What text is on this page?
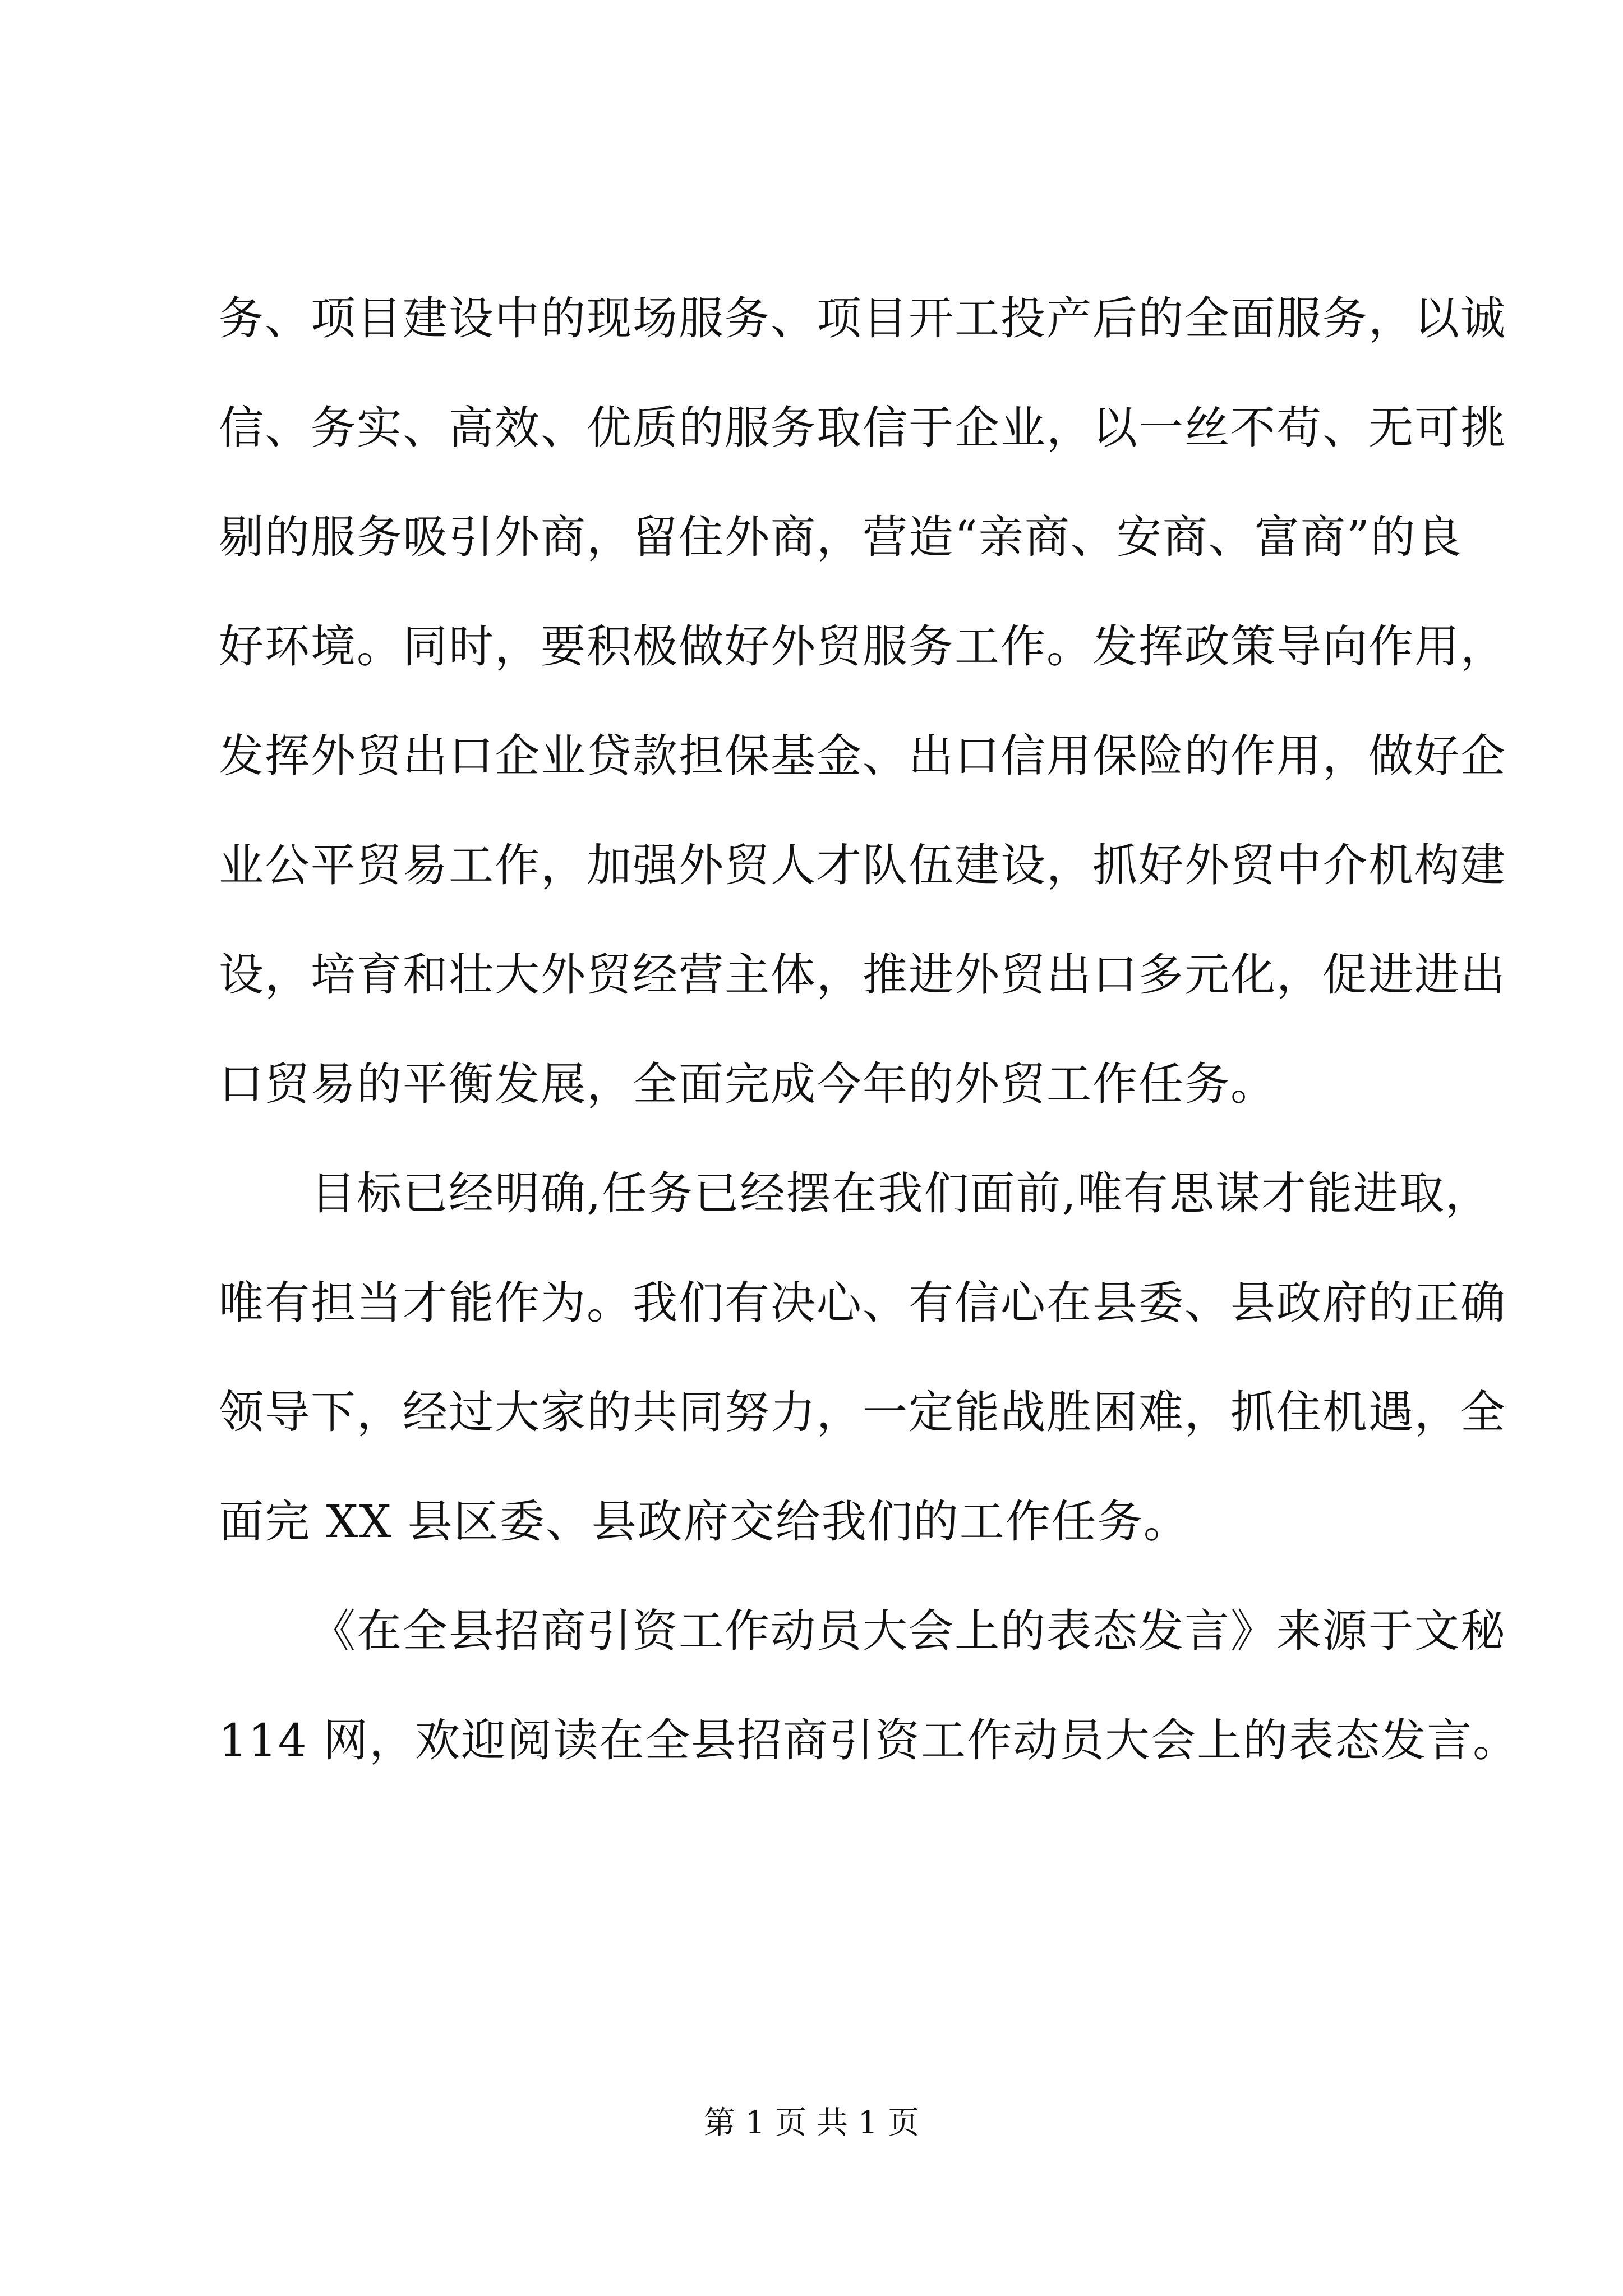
务、项目建设中的现场服务、项目开工投产后的全面服务，以诚
信、务实、高效、优质的服务取信于企业，以一丝不苟、无可挑
剔的服务吸引外商，留住外商，营造“亲商、安商、富商”的良
好环境。同时，要积极做好外贸服务工作。发挥政策导向作用，
发挥外贸出口企业贷款担保基金、出口信用保险的作用，做好企
业公平贸易工作，加强外贸人才队伍建设，抓好外贸中介机构建
设，培育和壮大外贸经营主体，推进外贸出口多元化，促进进出
口贸易的平衡发展，全面完成今年的外贸工作任务。
目标已经明确,任务已经摆在我们面前,唯有思谋才能进取，
唯有担当才能作为。我们有决心、有信心在县委、县政府的正确
领导下，经过大家的共同努力，一定能战胜困难，抓住机遇，全
面完 XX 县区委、县政府交给我们的工作任务。
《在全县招商引资工作动员大会上的表态发言》来源于文秘
114 网，欢迎阅读在全县招商引资工作动员大会上的表态发言。
第 1 页 共 1 页
